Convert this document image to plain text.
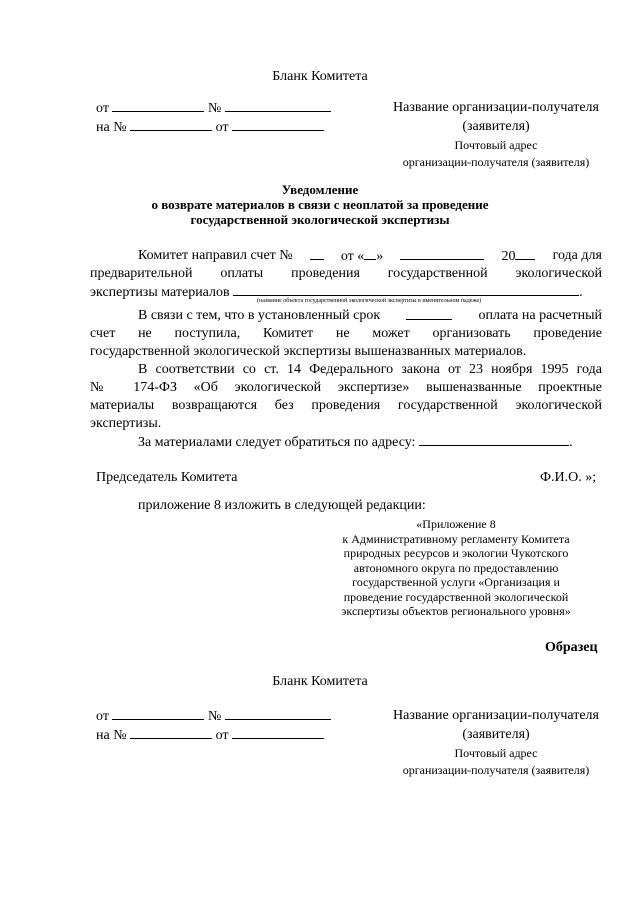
Бланк Комитета
от	№
на №	от
Название организации-получателя
(заявителя)
Почтовый адрес
организации-получателя (заявителя)
Уведомление
о возврате материалов в связи с неоплатой за проведение
государственной экологической экспертизы
Комитет направил счет №	от « »	20	года для
предварительной оплаты проведения государственной экологической
экспертизы материалов	.
(название объекта государственной экологической экспертизы в именительном падеже)
В связи с тем, что в установленный срок	оплата на расчетный
счет не поступила, Комитет не может организовать проведение
государственной экологической экспертизы вышеназванных материалов.
В соответствии со ст. 14 Федерального закона от 23 ноября 1995 года
№ 174-ФЗ «Об экологической экспертизе» вышеназванные проектные
материалы возвращаются без проведения государственной экологической
экспертизы.
За материалами следует обратиться по адресу:	.
Председатель Комитета	Ф.И.О. »;
приложение 8 изложить в следующей редакции:
«Приложение 8
к Административному регламенту Комитета
природных ресурсов и экологии Чукотского
автономного округа по предоставлению
государственной услуги «Организация и
проведение государственной экологической
экспертизы объектов регионального уровня»
Образец
Бланк Комитета
от	№
на №	от
Название организации-получателя
(заявителя)
Почтовый адрес
организации-получателя (заявителя)
